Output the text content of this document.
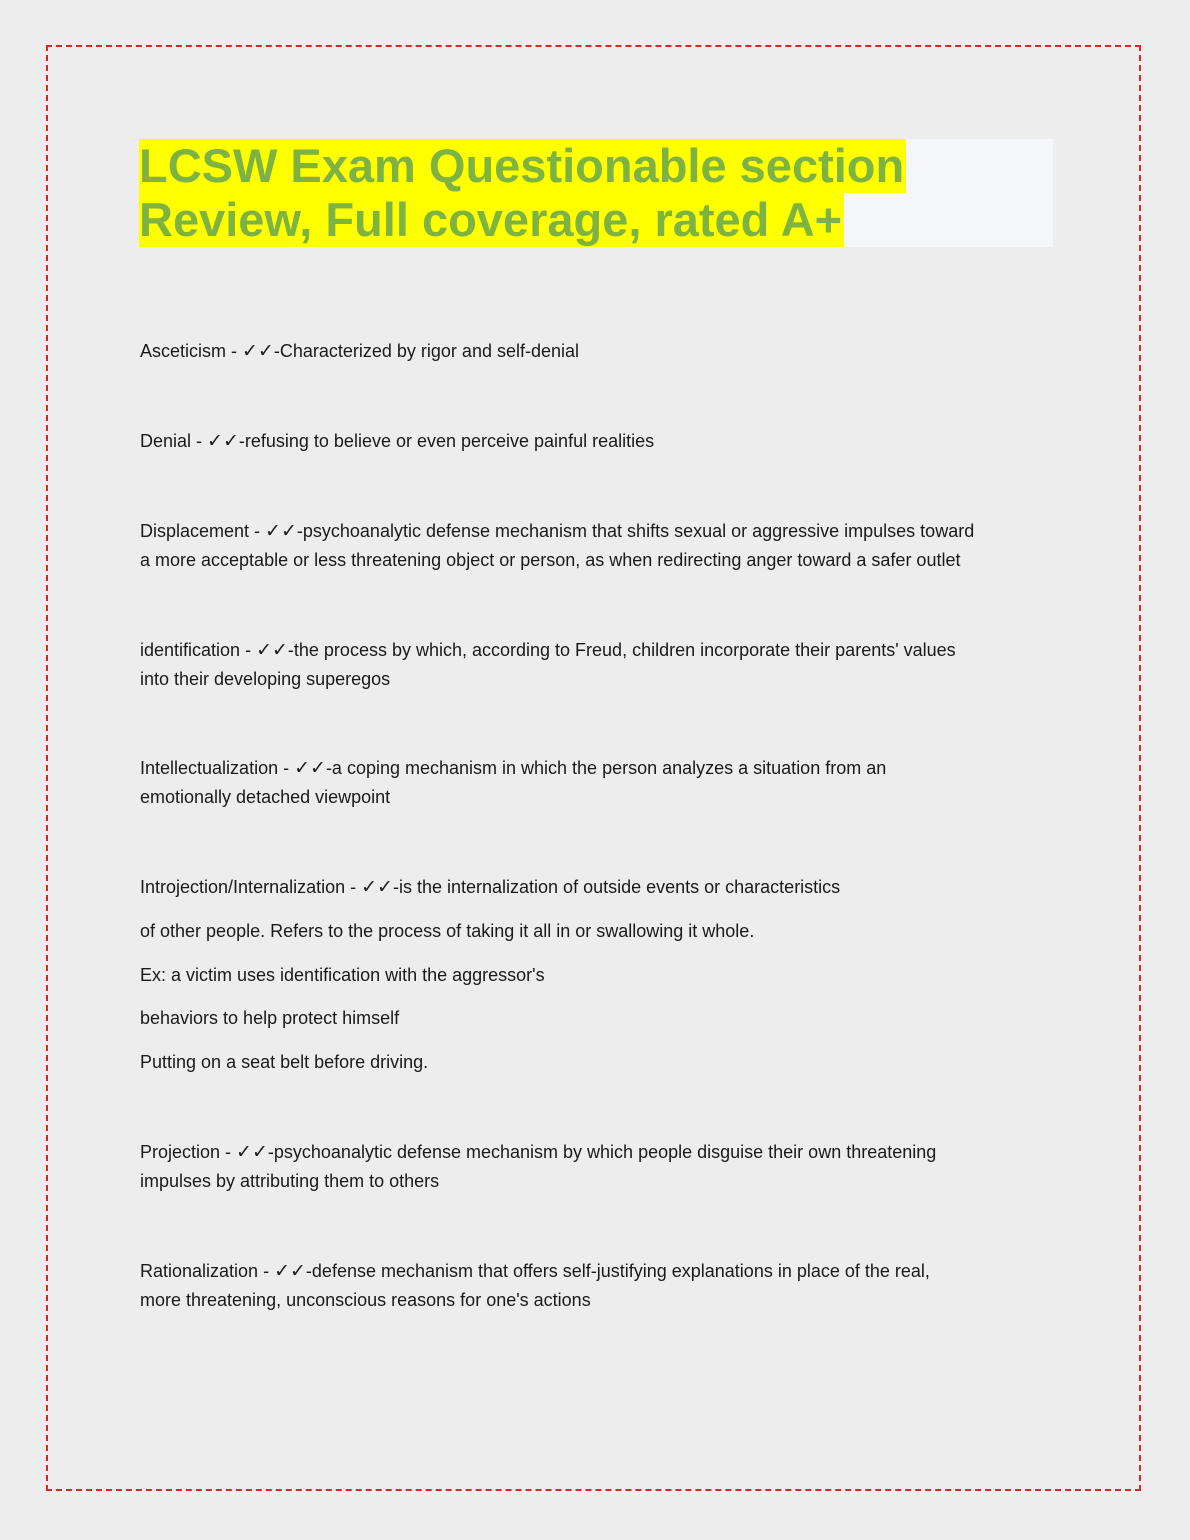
LCSW Exam Questionable section
Review, Full coverage, rated A+
Asceticism - ✓✓-Characterized by rigor and self-denial
Denial - ✓✓-refusing to believe or even perceive painful realities
Displacement - ✓✓-psychoanalytic defense mechanism that shifts sexual or aggressive impulses toward
a more acceptable or less threatening object or person, as when redirecting anger toward a safer outlet
identification - ✓✓-the process by which, according to Freud, children incorporate their parents' values
into their developing superegos
Intellectualization - ✓✓-a coping mechanism in which the person analyzes a situation from an
emotionally detached viewpoint
Introjection/Internalization - ✓✓-is the internalization of outside events or characteristics
of other people. Refers to the process of taking it all in or swallowing it whole.
Ex: a victim uses identification with the aggressor's
behaviors to help protect himself
Putting on a seat belt before driving.
Projection - ✓✓-psychoanalytic defense mechanism by which people disguise their own threatening
impulses by attributing them to others
Rationalization - ✓✓-defense mechanism that offers self-justifying explanations in place of the real,
more threatening, unconscious reasons for one's actions
